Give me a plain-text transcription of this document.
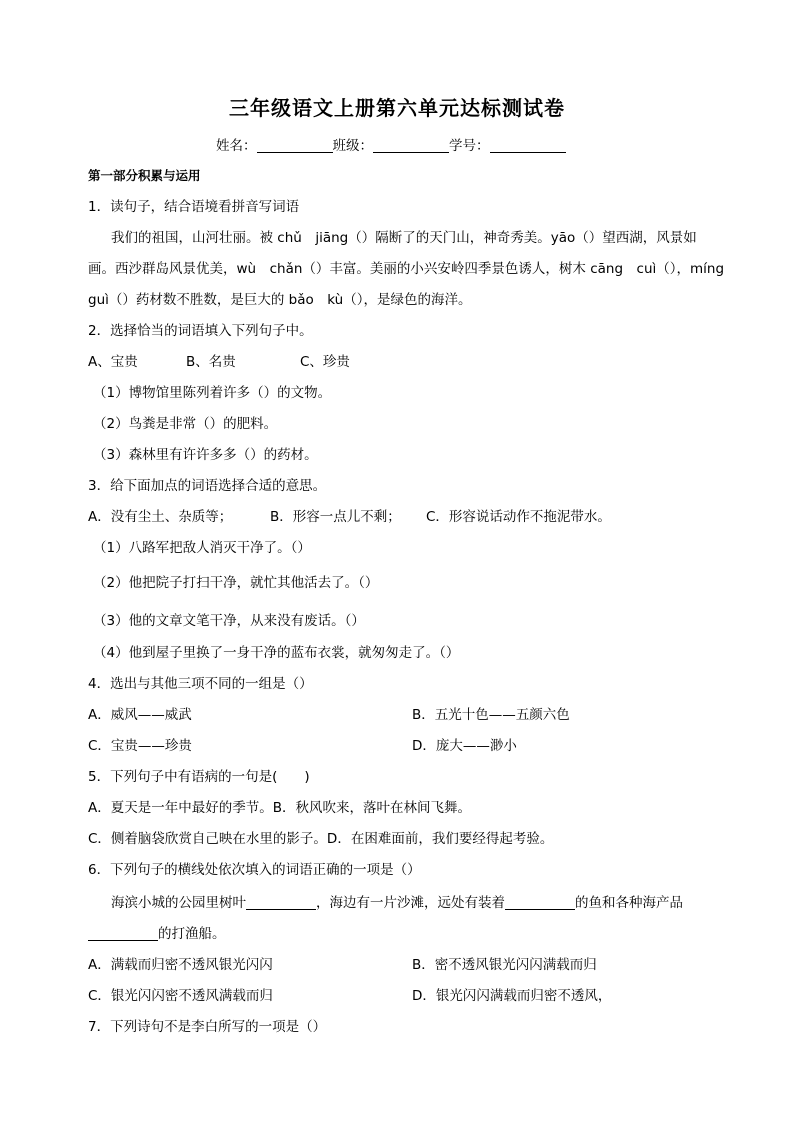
三年级语文上册第六单元达标测试卷
姓名：	班级：	学号：
第一部分积累与运用
1．读句子，结合语境看拼音写词语
我们的祖国，山河壮丽。被 chǔ　jiāng（）隔断了的天门山，神奇秀美。yāo（）望西湖，风景如
画。西沙群岛风景优美，wù　chǎn（）丰富。美丽的小兴安岭四季景色诱人，树木 cāng　cuì（），míng
guì（）药材数不胜数，是巨大的 bǎo　kù（），是绿色的海洋。
2．选择恰当的词语填入下列句子中。
A、宝贵	B、名贵	C、珍贵
（1）博物馆里陈列着许多（）的文物。
（2）鸟粪是非常（）的肥料。
（3）森林里有许许多多（）的药材。
3．给下面加点的词语选择合适的意思。
A．没有尘土、杂质等；	B．形容一点儿不剩； C．形容说话动作不拖泥带水。
（1）八路军把敌人消灭干净了。（）
（2）他把院子打扫干净，就忙其他活去了。（）
（3）他的文章文笔干净，从来没有废话。（）
（4）他到屋子里换了一身干净的蓝布衣裳，就匆匆走了。（）
4．选出与其他三项不同的一组是（）
A．威风——威武	B．五光十色——五颜六色
C．宝贵——珍贵	D．庞大——渺小
5．下列句子中有语病的一句是(　　)
A．夏天是一年中最好的季节。B．秋风吹来，落叶在林间飞舞。
C．侧着脑袋欣赏自己映在水里的影子。D．在困难面前，我们要经得起考验。
6．下列句子的横线处依次填入的词语正确的一项是（）
海滨小城的公园里树叶	，海边有一片沙滩，远处有装着	的鱼和各种海产品
的打渔船。
A．满载而归密不透风银光闪闪	B．密不透风银光闪闪满载而归
C．银光闪闪密不透风满载而归	D．银光闪闪满载而归密不透风，
7．下列诗句不是李白所写的一项是（）
